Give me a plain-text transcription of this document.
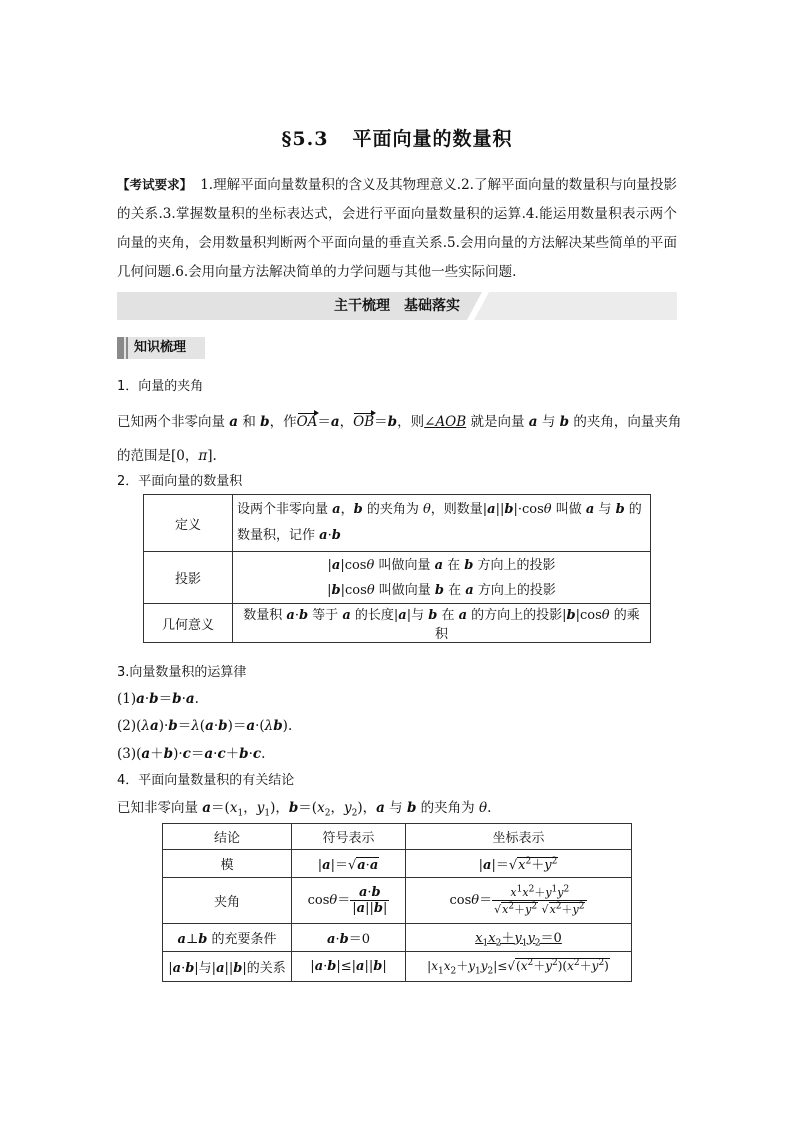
§5.3 平面向量的数量积
【考试要求】 1.理解平面向量数量积的含义及其物理意义.2.了解平面向量的数量积与向量投影的关系.3.掌握数量积的坐标表达式，会进行平面向量数量积的运算.4.能运用数量积表示两个向量的夹角，会用数量积判断两个平面向量的垂直关系.5.会用向量的方法解决某些简单的平面几何问题.6.会用向量方法解决简单的力学问题与其他一些实际问题.
主干梳理　基础落实
知识梳理
1．向量的夹角
已知两个非零向量 a 和 b，作OA＝a，OB＝b，则∠AOB 就是向量 a 与 b 的夹角，向量夹角
的范围是[0，π].
2．平面向量的数量积
定义	设两个非零向量 a，b 的夹角为 θ，则数量|a||b|·cosθ 叫做 a 与 b 的数量积，记作 a·b
投影	|a|cosθ 叫做向量 a 在 b 方向上的投影
|b|cosθ 叫做向量 b 在 a 方向上的投影
几何意义	数量积 a·b 等于 a 的长度|a|与 b 在 a 的方向上的投影|b|cosθ 的乘积
3.向量数量积的运算律
(1)a·b＝b·a.
(2)(λa)·b＝λ(a·b)＝a·(λb).
(3)(a＋b)·c＝a·c＋b·c.
4．平面向量数量积的有关结论
已知非零向量 $a=(x_1$，$y_1$)，$b=(x_2$，$y_2$)，a 与 b 的夹角为 θ.
结论	符号表示	坐标表示
模	|a|＝√a·a	$|a|=√x^2+y^2$
夹角	$\cos\theta= \frac{a\cdot b}{|a||b|}$	$\cos\theta= \frac{x^1x^2+y^1y^2}{√x^2+y^2 √x^2+y^2}$

a⊥b 的充要条件	a·b＝0	$x_1x_2+y_1y_2=0$
|a·b|与|a||b|的关系	|a·b|≤|a||b|	$|x_1x_2+y_1y_2|\le√(x^2+y^2)(x^2+y^2)$
